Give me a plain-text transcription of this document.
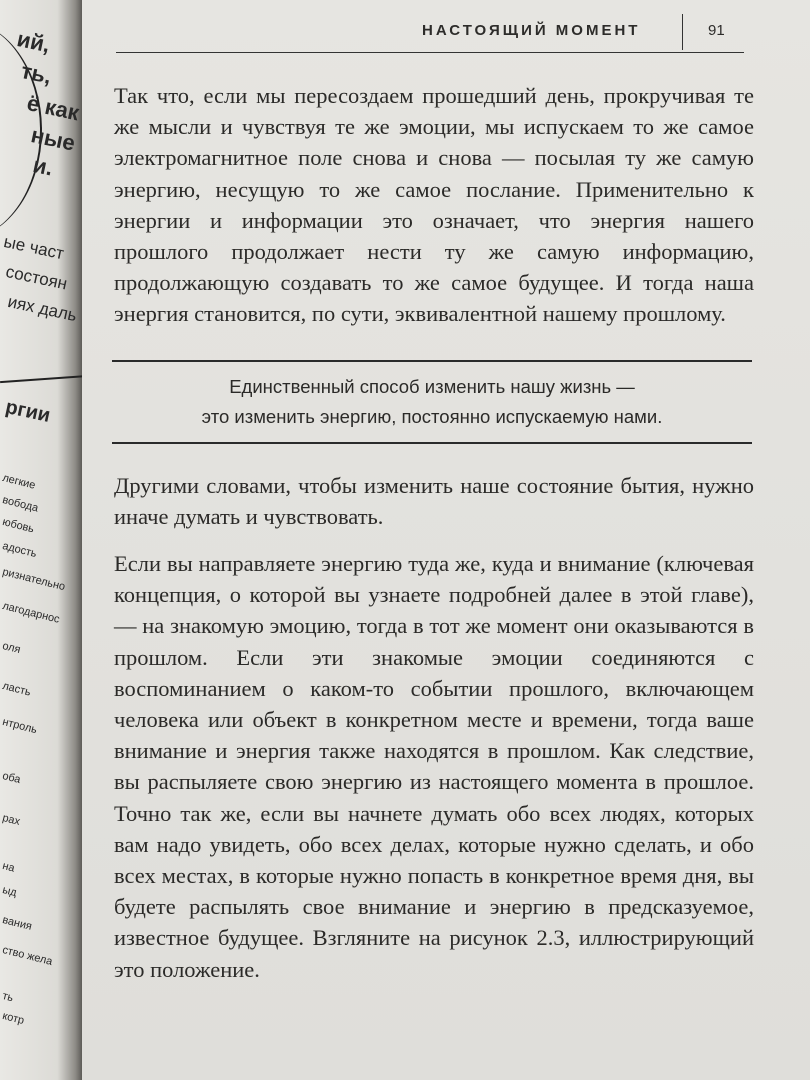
ий,
ть,
ё как
ные
и.
ые част
состоян
иях даль
ргии
легкие
вобода
юбовь
адость
ризнательно
лагодарнос
оля
ласть
нтроль
оба
рах
на
ыд
вания
ство жела
ть
котр
НАСТОЯЩИЙ МОМЕНТ	91

Так что, если мы пересоздаем прошедший день, прокручивая те же мысли и чувствуя те же эмоции, мы испускаем то же самое электромагнитное поле снова и снова — посылая ту же самую энергию, несущую то же самое послание. Применительно к энергии и информации это означает, что энергия нашего прошлого продолжает нести ту же самую информацию, продолжающую создавать то же самое будущее. И тогда наша энергия становится, по сути, эквивалентной нашему прошлому.

Единственный способ изменить нашу жизнь —
это изменить энергию, постоянно испускаемую нами.

Другими словами, чтобы изменить наше состояние бытия, нужно иначе думать и чувствовать.

Если вы направляете энергию туда же, куда и внимание (ключевая концепция, о которой вы узнаете подробней далее в этой главе), — на знакомую эмоцию, тогда в тот же момент они оказываются в прошлом. Если эти знакомые эмоции соединяются с воспоминанием о каком-то событии прошлого, включающем человека или объект в конкретном месте и времени, тогда ваше внимание и энергия также находятся в прошлом. Как следствие, вы распыляете свою энергию из настоящего момента в прошлое. Точно так же, если вы начнете думать обо всех людях, которых вам надо увидеть, обо всех делах, которые нужно сделать, и обо всех местах, в которые нужно попасть в конкретное время дня, вы будете распылять свое внимание и энергию в предсказуемое, известное будущее. Взгляните на рисунок 2.3, иллюстрирующий это положение.
